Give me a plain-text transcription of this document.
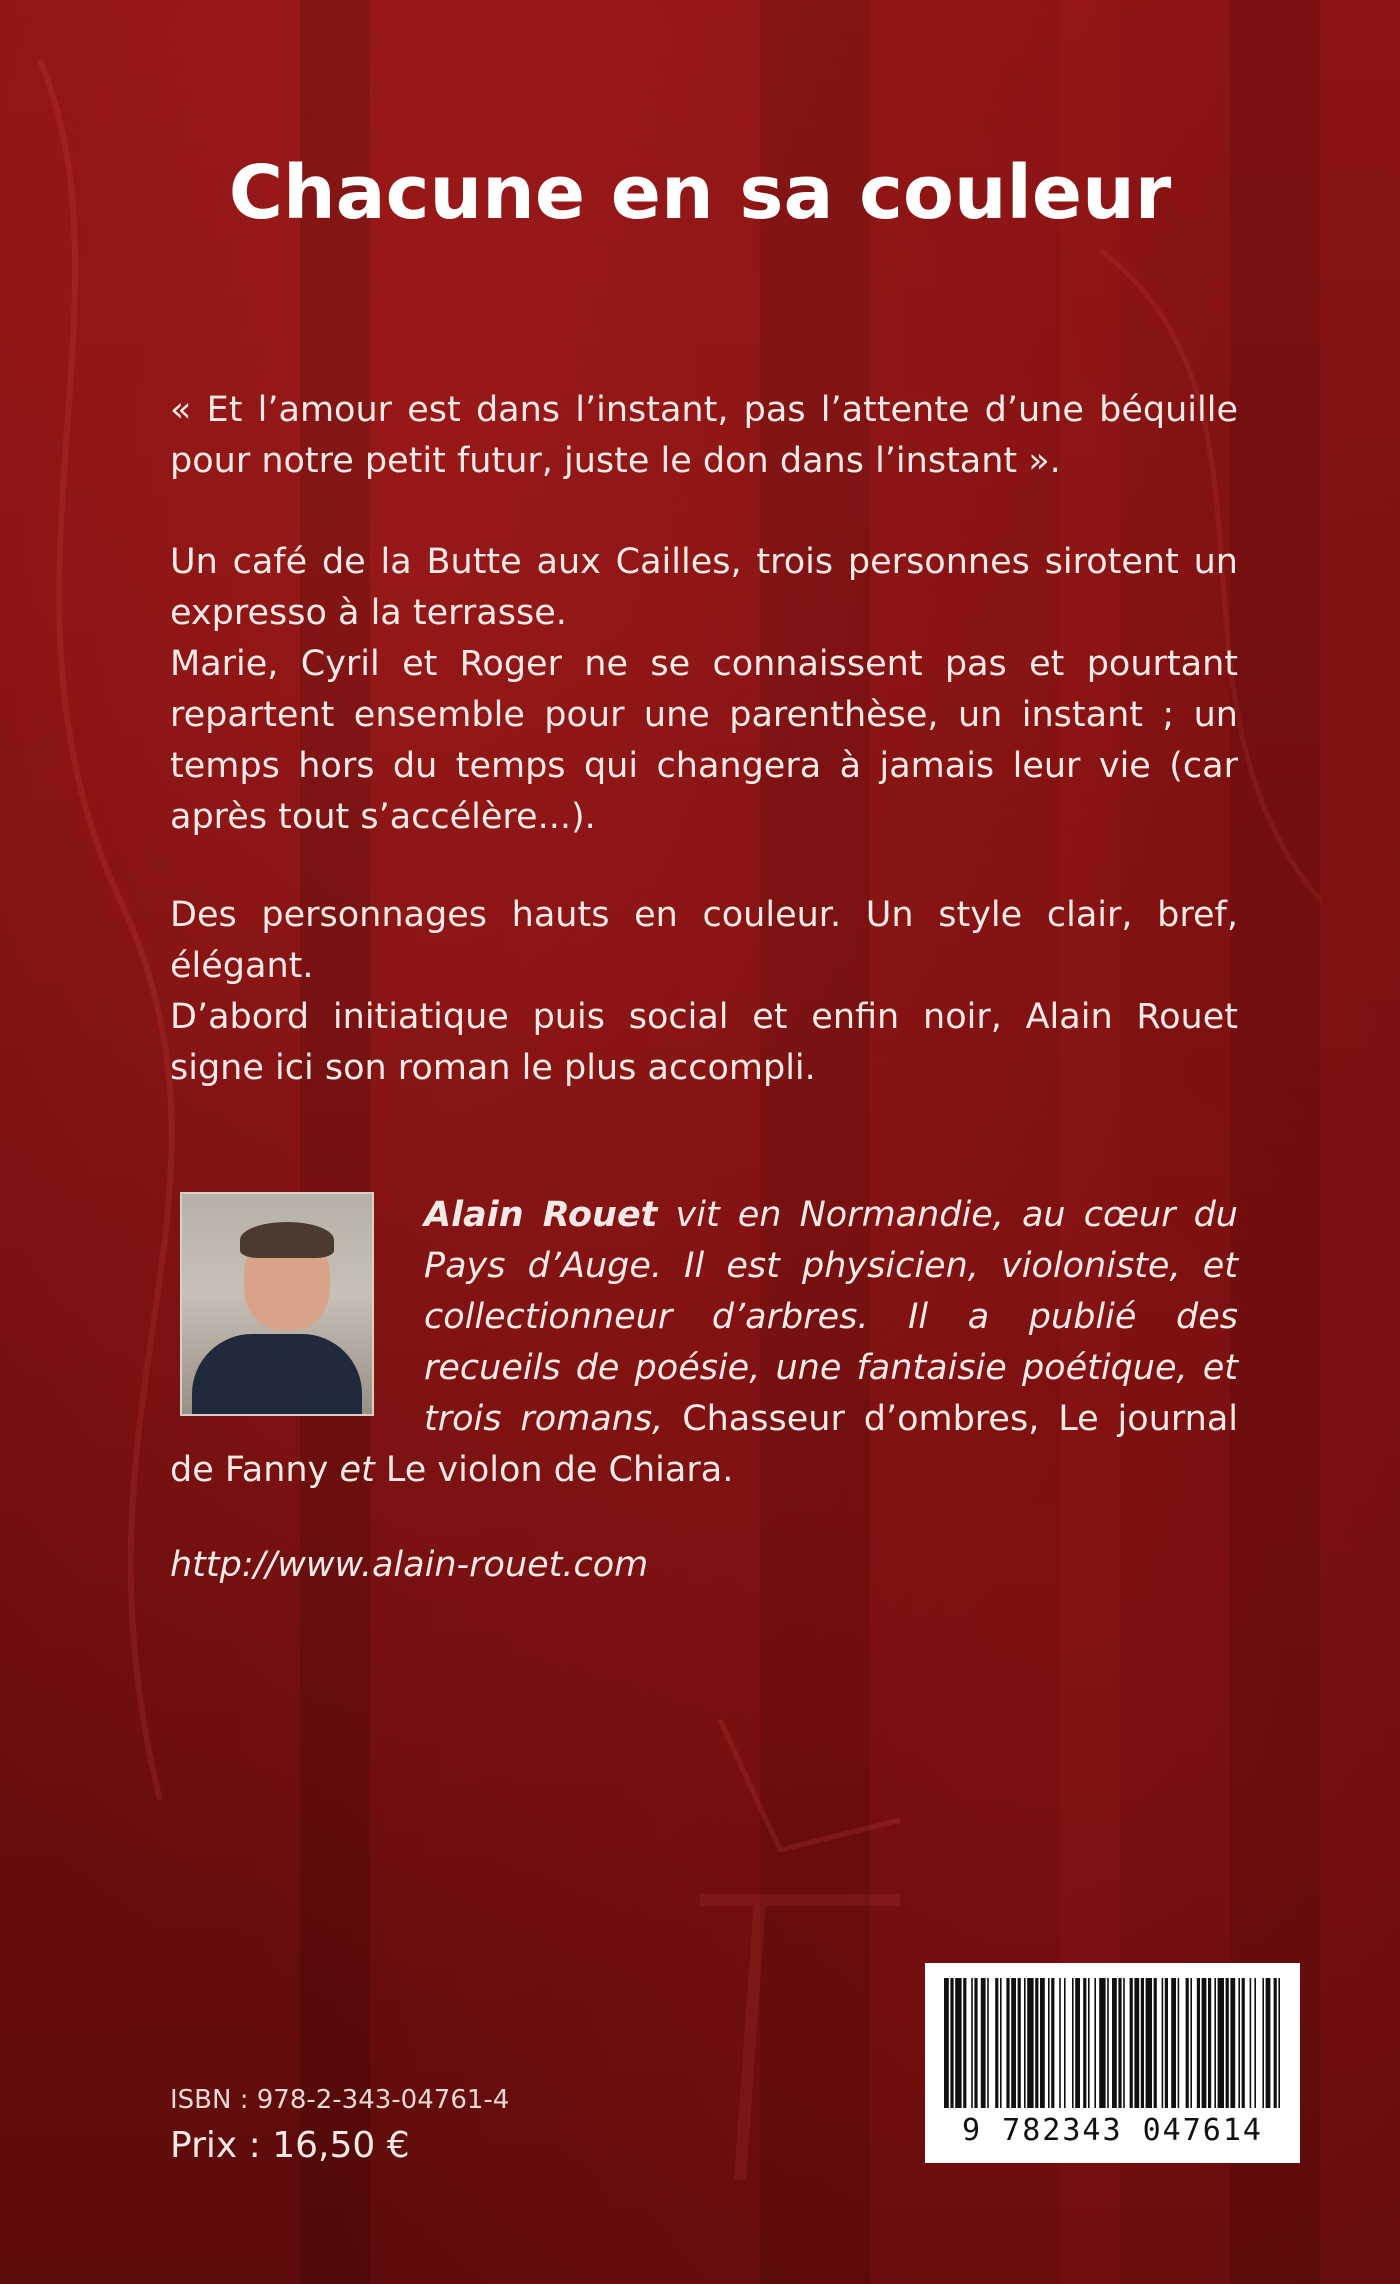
Chacune en sa couleur

« Et l’amour est dans l’instant, pas l’attente d’une béquille pour notre petit futur, juste le don dans l’instant ».

Un café de la Butte aux Cailles, trois personnes sirotent un expresso à la terrasse.

Marie, Cyril et Roger ne se connaissent pas et pourtant repartent ensemble pour une parenthèse, un instant ; un temps hors du temps qui changera à jamais leur vie (car après tout s’accélère...).

Des personnages hauts en couleur. Un style clair, bref, élégant.

D’abord initiatique puis social et enfin noir, Alain Rouet signe ici son roman le plus accompli.

Alain Rouet vit en Normandie, au cœur du Pays d’Auge. Il est physicien, violoniste, et collectionneur d’arbres. Il a publié des recueils de poésie, une fantaisie poétique, et trois romans, Chasseur d’ombres, Le journal de Fanny et Le violon de Chiara.
http://www.alain-rouet.com
ISBN : 978-2-343-04761-4
Prix : 16,50 €	9 782343 047614
